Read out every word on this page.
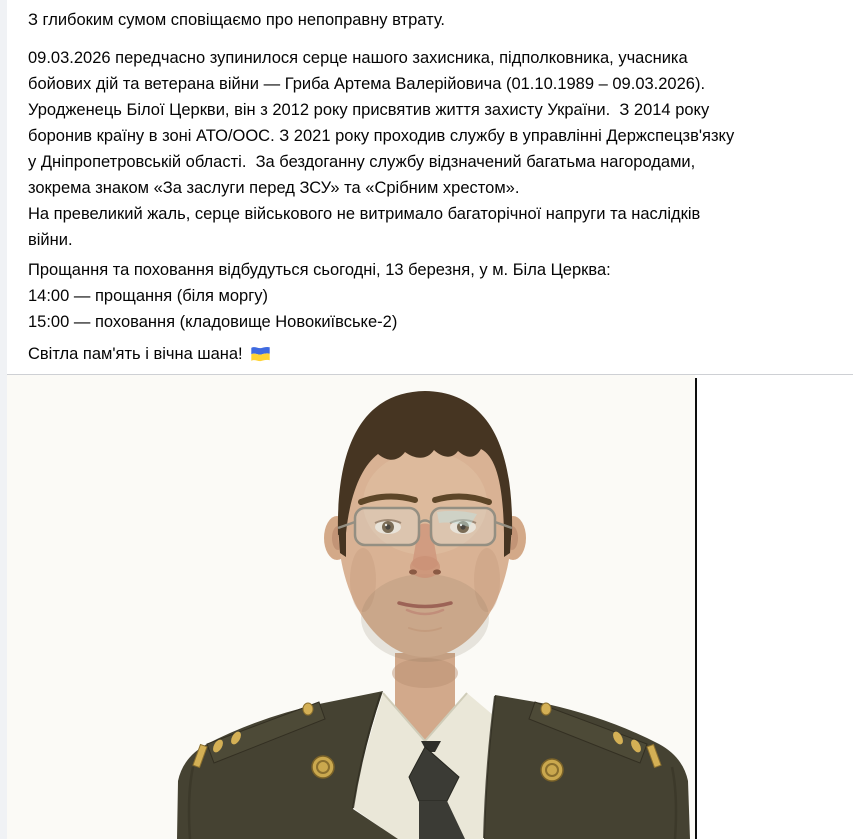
З глибоким сумом сповіщаємо про непоправну втрату.
09.03.2026 передчасно зупинилося серце нашого захисника, підполковника, учасника
бойових дій та ветерана війни — Гриба Артема Валерійовича (01.10.1989 – 09.03.2026).
Уродженець Білої Церкви, він з 2012 року присвятив життя захисту України.  З 2014 року
боронив країну в зоні АТО/ООС. З 2021 року проходив службу в управлінні Держспецзв'язку
у Дніпропетровській області.  За бездоганну службу відзначений багатьма нагородами,
зокрема знаком «За заслуги перед ЗСУ» та «Срібним хрестом».
На превеликий жаль, серце військового не витримало багаторічної напруги та наслідків
війни.
Прощання та поховання відбудуться сьогодні, 13 березня, у м. Біла Церква:
14:00 — прощання (біля моргу)
15:00 — поховання (кладовище Новокиївське-2)
Світла пам'ять і вічна шана!
